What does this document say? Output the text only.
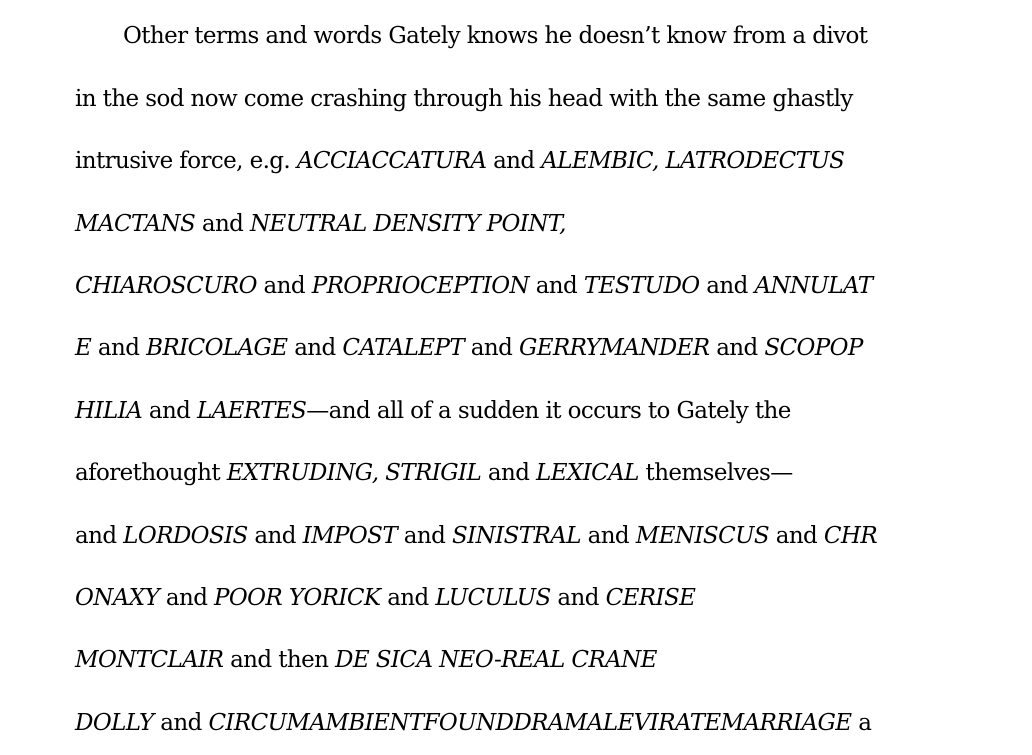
Other terms and words Gately knows he doesn’t know from a divot
in the sod now come crashing through his head with the same ghastly
intrusive force, e.g. ACCIACCATURA and ALEMBIC, LATRODECTUS
MACTANS and NEUTRAL DENSITY POINT,
CHIAROSCURO and PROPRIOCEPTION and TESTUDO and ANNULAT
E and BRICOLAGE and CATALEPT and GERRYMANDER and SCOPOP
HILIA and LAERTES—and all of a sudden it occurs to Gately the
aforethought EXTRUDING, STRIGIL and LEXICAL themselves—
and LORDOSIS and IMPOST and SINISTRAL and MENISCUS and CHR
ONAXY and POOR YORICK and LUCULUS and CERISE
MONTCLAIR and then DE SICA NEO-REAL CRANE
DOLLY and CIRCUMAMBIENTFOUNDDRAMALEVIRATEMARRIAGE a
